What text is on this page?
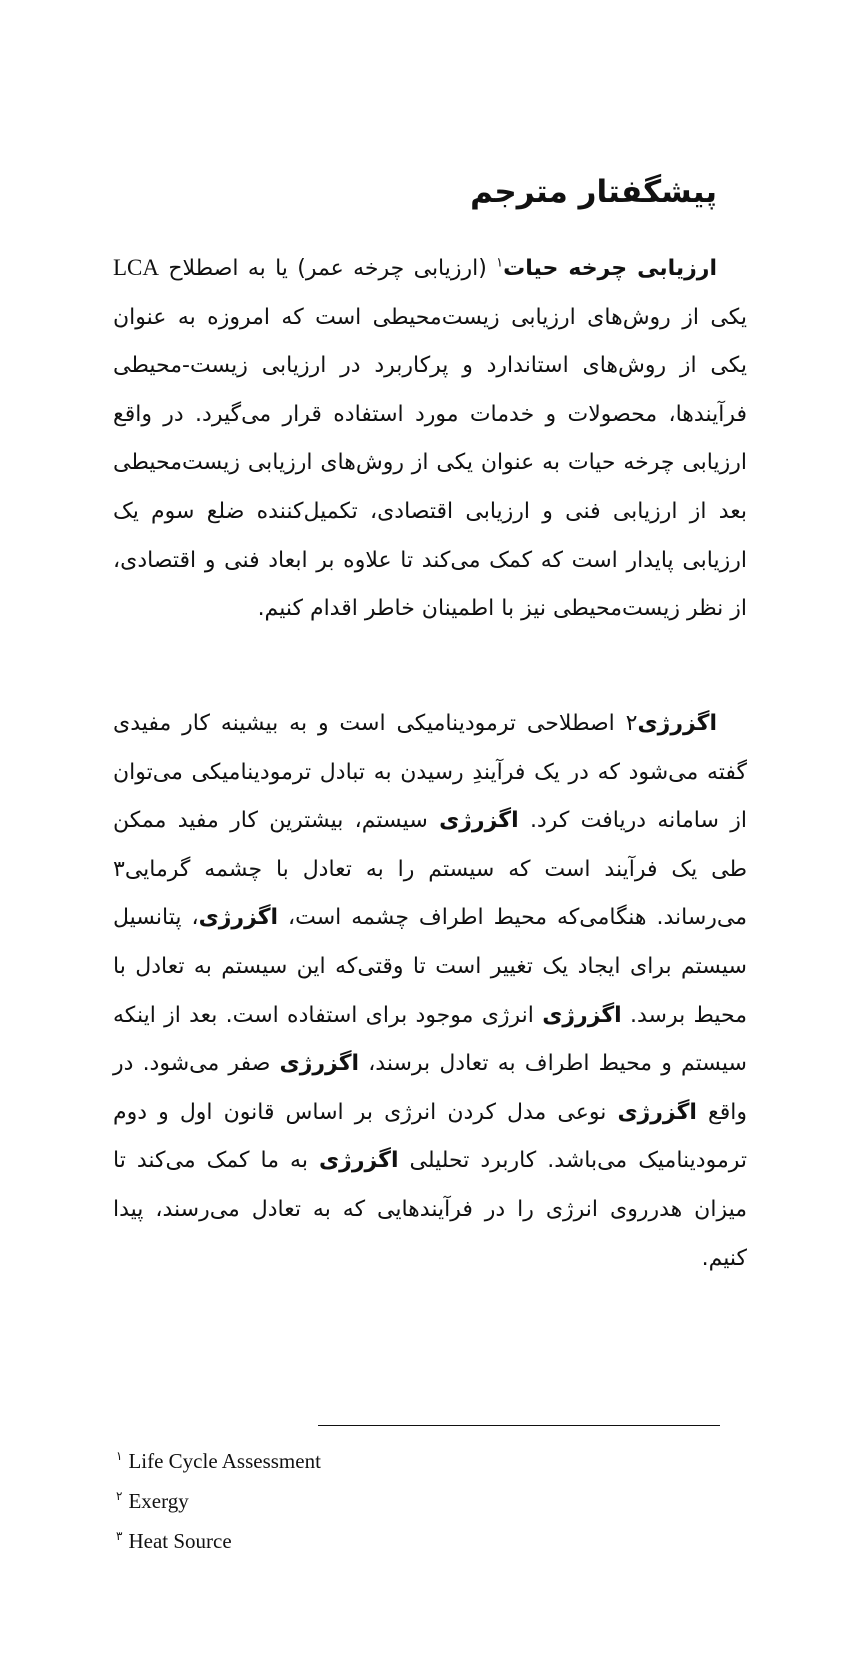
پیشگفتار مترجم

ارزیابی چرخه حیات$^۱$ (ارزیابی چرخه عمر) یا به اصطلاح LCA یکی از روش‌های ارزیابی زیست‌محیطی است که امروزه به عنوان یکی از روش‌های استاندارد و پرکاربرد در ارزیابی زیست-محیطی فرآیندها، محصولات و خدمات مورد استفاده قرار می‌گیرد. در واقع ارزیابی چرخه حیات به عنوان یکی از روش‌های ارزیابی زیست‌محیطی بعد از ارزیابی فنی و ارزیابی اقتصادی، تکمیل‌کننده ضلع سوم یک ارزیابی پایدار است که کمک می‌کند تا علاوه بر ابعاد فنی و اقتصادی، از نظر زیست‌محیطی نیز با اطمینان خاطر اقدام کنیم.

اگزرژی۲ اصطلاحی ترمودینامیکی است و به بیشینه کار مفیدی گفته می‌شود که در یک فرآیندِ رسیدن به تبادل ترمودینامیکی می‌توان از سامانه دریافت کرد. اگزرژی سیستم، بیشترین کار مفید ممکن طی یک فرآیند است که سیستم را به تعادل با چشمه گرمایی۳ می‌رساند. هنگامی‌که محیط اطراف چشمه است، اگزرژی، پتانسیل سیستم برای ایجاد یک تغییر است تا وقتی‌که این سیستم به تعادل با محیط برسد. اگزرژی انرژی موجود برای استفاده است. بعد از اینکه سیستم و محیط اطراف به تعادل برسند، اگزرژی صفر می‌شود. در واقع اگزرژی نوعی مدل کردن انرژی بر اساس قانون اول و دوم ترمودینامیک می‌باشد. کاربرد تحلیلی اگزرژی به ما کمک می‌کند تا میزان هدرروی انرژی را در فرآیندهایی که به تعادل می‌رسند، پیدا کنیم.

$^۱$ Life Cycle Assessment
$^۲$ Exergy
$^۳$ Heat Source
